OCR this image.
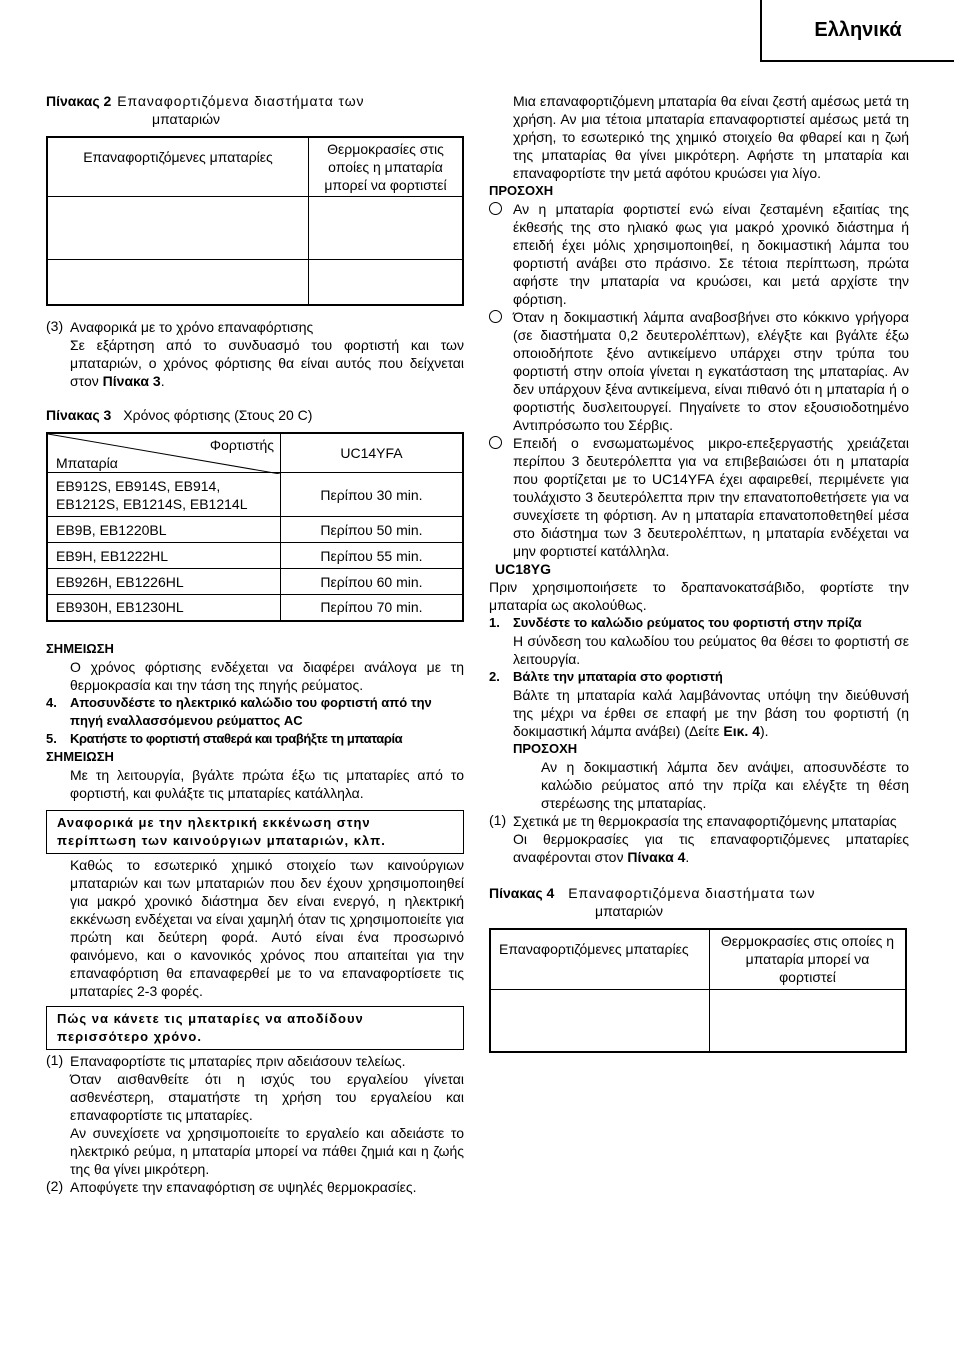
Ελληνικά
Πίνακας 2 Επαναφορτιζόμενα διαστήματα των
μπαταριών
Επαναφορτιζόμενες μπαταρίες	Θερμοκρασίες στις οποίες η μπαταρία μπορεί να φορτιστεί

(3) Αναφορικά με το χρόνο επαναφόρτισης

Σε εξάρτηση από το συνδυασμό του φορτιστή και των μπαταριών, ο χρόνος φόρτισης θα είναι αυτός που δείχνεται στον Πίνακα 3.

Πίνακας 3 Χρόνος φόρτισης (Στους 20 C)
Φορτιστής
Μπαταρία	UC14YFA

EB912S, EB914S, EB914,
EB1212S, EB1214S, EB1214L	Περίπου 30 min.
EB9B, EB1220BL	Περίπου 50 min.
EB9H, EB1222HL	Περίπου 55 min.
EB926H, EB1226HL	Περίπου 60 min.
EB930H, EB1230HL	Περίπου 70 min.
ΣΗΜΕΙΩΣΗ

Ο χρόνος φόρτισης ενδέχεται να διαφέρει ανάλογα με τη θερμοκρασία και την τάση της πηγής ρεύματος.

4. Αποσυνδέστε το ηλεκτρικό καλώδιο του φορτιστή από την πηγή εναλλασσόμενου ρεύματτος AC
5. Κρατήστε το φορτιστή σταθερά και τραβήξτε τη μπαταρία
ΣΗΜΕΙΩΣΗ

Με τη λειτουργία, βγάλτε πρώτα έξω τις μπαταρίες από το φορτιστή, και φυλάξτε τις μπαταρίες κατάλληλα.

Αναφορικά με την ηλεκτρική εκκένωση στην περίπτωση των καινούργιων μπαταριών, κλπ.

Καθώς το εσωτερικό χημικό στοιχείο των καινούργιων μπαταριών και των μπαταριών που δεν έχουν χρησιμοποιηθεί για μακρό χρονικό διάστημα δεν είναι ενεργό, η ηλεκτρική εκκένωση ενδέχεται να είναι χαμηλή όταν τις χρησιμοποιείτε για πρώτη και δεύτερη φορά. Αυτό είναι ένα προσωρινό φαινόμενο, και ο κανονικός χρόνος που απαιτείται για την επαναφόρτιση θα επαναφερθεί με το να επαναφορτίσετε τις μπαταρίες 2-3 φορές.

Πώς να κάνετε τις μπαταρίες να αποδίδουν περισσότερο χρόνο.
(1) Επαναφορτίστε τις μπαταρίες πριν αδειάσουν τελείως.

Όταν αισθανθείτε ότι η ισχύς του εργαλείου γίνεται ασθενέστερη, σταματήστε τη χρήση του εργαλείου και επαναφορτίστε τις μπαταρίες.

Αν συνεχίσετε να χρησιμοποιείτε το εργαλείο και αδειάστε το ηλεκτρικό ρεύμα, η μπαταρία μπορεί να πάθει ζημιά και η ζωής της θα γίνει μικρότερη.

(2) Αποφύγετε την επαναφόρτιση σε υψηλές θερμοκρασίες.

Μια επαναφορτιζόμενη μπαταρία θα είναι ζεστή αμέσως μετά τη χρήση. Αν μια τέτοια μπαταρία επαναφορτιστεί αμέσως μετά τη χρήση, το εσωτερικό της χημικό στοιχείο θα φθαρεί και η ζωή της μπαταρίας θα γίνει μικρότερη. Αφήστε τη μπαταρία και επαναφορτίστε την μετά αφότου κρυώσει για λίγο.

ΠΡΟΣΟΧΗ

Αν η μπαταρία φορτιστεί ενώ είναι ζεσταμένη εξαιτίας της έκθεσής της στο ηλιακό φως για μακρό χρονικό διάστημα ή επειδή έχει μόλις χρησιμοποιηθεί, η δοκιμαστική λάμπα του φορτιστή ανάβει στο πράσινο. Σε τέτοια περίπτωση, πρώτα αφήστε την μπαταρία να κρυώσει, και μετά αρχίστε την φόρτιση.

Όταν η δοκιμαστική λάμπα αναβοσβήνει στο κόκκινο γρήγορα (σε διαστήματα 0,2 δευτερολέπτων), ελέγξτε και βγάλτε έξω οποιοδήποτε ξένο αντικείμενο υπάρχει στην τρύπα του φορτιστή στην οποία γίνεται η εγκατάσταση της μπαταρίας. Αν δεν υπάρχουν ξένα αντικείμενα, είναι πιθανό ότι η μπαταρία ή ο φορτιστής δυσλειτουργεί. Πηγαίνετε το στον εξουσιοδοτημένο Αντιπρόσωπο του Σέρβις.

Επειδή ο ενσωματωμένος μικρο-επεξεργαστής χρειάζεται περίπου 3 δευτερόλεπτα για να επιβεβαιώσει ότι η μπαταρία που φορτίζεται με το UC14YFA έχει αφαιρεθεί, περιμένετε για τουλάχιστο 3 δευτερόλεπτα πριν την επανατοποθετήσετε για να συνεχίσετε τη φόρτιση. Αν η μπαταρία επανατοποθετηθεί μέσα στο διάστημα των 3 δευτερολέπτων, η μπαταρία ενδέχεται να μην φορτιστεί κατάλληλα.

UC18YG

Πριν χρησιμοποιήσετε το δραπανοκατσάβιδο, φορτίστε την μπαταρία ως ακολούθως.

1. Συνδέστε το καλώδιο ρεύματος του φορτιστή στην πρίζα

Η σύνδεση του καλωδίου του ρεύματος θα θέσει το φορτιστή σε λειτουργία.

2. Βάλτε την μπαταρία στο φορτιστή

Βάλτε τη μπαταρία καλά λαμβάνοντας υπόψη την διεύθυνσή της μέχρι να έρθει σε επαφή με την βάση του φορτιστή (η δοκιμαστική λάμπα ανάβει) (Δείτε Εικ. 4).

ΠΡΟΣΟΧΗ

Αν η δοκιμαστική λάμπα δεν ανάψει, αποσυνδέστε το καλώδιο ρεύματος από την πρίζα και ελέγξτε τη θέση στερέωσης της μπαταρίας.

(1) Σχετικά με τη θερμοκρασία της επαναφορτιζόμενης μπαταρίας

Οι θερμοκρασίες για τις επαναφορτιζόμενες μπαταρίες αναφέρονται στον Πίνακα 4.

Πίνακας 4 Επαναφορτιζόμενα διαστήματα των
μπαταριών
Επαναφορτιζόμενες μπαταρίες	Θερμοκρασίες στις οποίες η μπαταρία μπορεί να φορτιστεί
